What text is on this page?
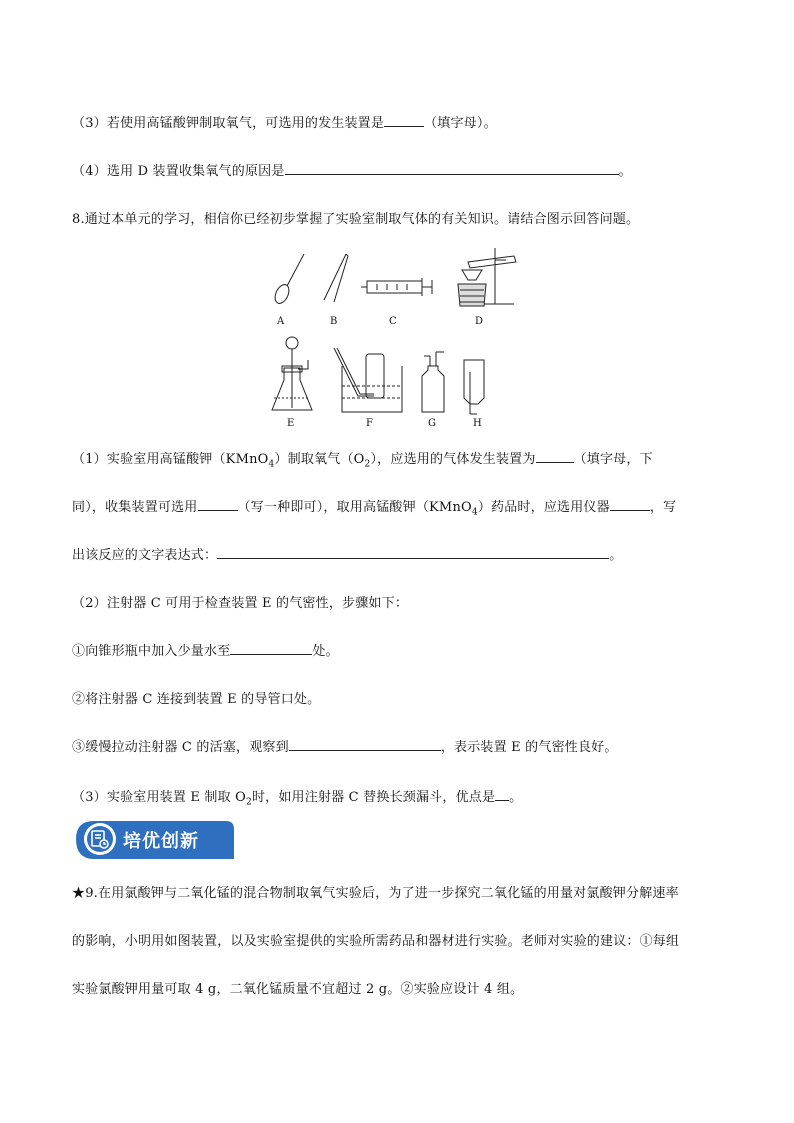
（3）若使用高锰酸钾制取氧气，可选用的发生装置是	（填字母）。
（4）选用 D 装置收集氧气的原因是	。
8.通过本单元的学习，相信你已经初步掌握了实验室制取气体的有关知识。请结合图示回答问题。
A	B	C	D
E	F	G	H
（1）实验室用高锰酸钾（KMnO$_4$）制取氧气$(O_2)$，应选用的气体发生装置为	（填字母，下
同），收集装置可选用	（写一种即可），取用高锰酸钾（KMnO$_4$）药品时，应选用仪器	，写
出该反应的文字表达式：	。
（2）注射器 C 可用于检查装置 E 的气密性，步骤如下：
①向锥形瓶中加入少量水至	处。
②将注射器 C 连接到装置 E 的导管口处。
③缓慢拉动注射器 C 的活塞，观察到	，表示装置 E 的气密性良好。
（3）实验室用装置 E 制取 $O_2$时，如用注射器 C 替换长颈漏斗，优点是 。
培优创新
★9.在用氯酸钾与二氧化锰的混合物制取氧气实验后，为了进一步探究二氧化锰的用量对氯酸钾分解速率
的影响，小明用如图装置，以及实验室提供的实验所需药品和器材进行实验。老师对实验的建议：①每组
实验氯酸钾用量可取 4 g，二氧化锰质量不宜超过 2 g。②实验应设计 4 组。
